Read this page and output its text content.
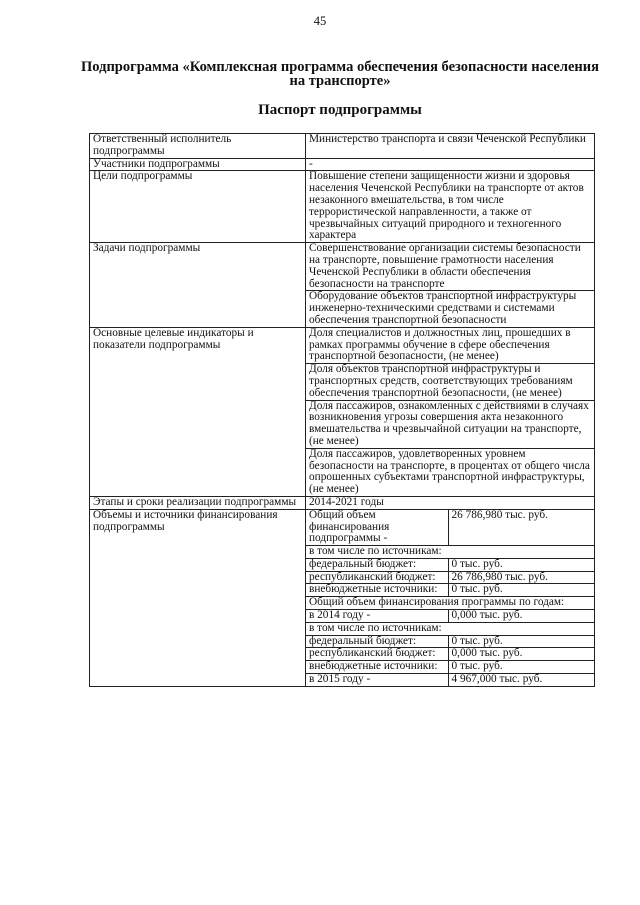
45
Подпрограмма «Комплексная программа обеспечения безопасности населения на транспорте»
Паспорт подпрограммы
Ответственный исполнитель подпрограммы	Министерство транспорта и связи Чеченской Республики
Участники подпрограммы	-
Цели подпрограммы	Повышение степени защищенности жизни и здоровья населения Чеченской Республики на транспорте от актов незаконного вмешательства, в том числе террористической направленности, а также от чрезвычайных ситуаций природного и техногенного характера
Задачи подпрограммы	Совершенствование организации системы безопасности на транспорте, повышение грамотности населения Чеченской Республики в области обеспечения безопасности на транспорте
Оборудование объектов транспортной инфраструктуры инженерно-техническими средствами и системами обеспечения транспортной безопасности
Основные целевые индикаторы и показатели подпрограммы	Доля специалистов и должностных лиц, прошедших в рамках программы обучение в сфере обеспечения транспортной безопасности, (не менее)
Доля объектов транспортной инфраструктуры и транспортных средств, соответствующих требованиям обеспечения транспортной безопасности, (не менее)
Доля пассажиров, ознакомленных с действиями в случаях возникновения угрозы совершения акта незаконного вмешательства и чрезвычайной ситуации на транспорте, (не менее)
Доля пассажиров, удовлетворенных уровнем безопасности на транспорте, в процентах от общего числа опрошенных субъектами транспортной инфраструктуры, (не менее)
Этапы и сроки реализации подпрограммы	2014-2021 годы
Объемы и источники финансирования подпрограммы	
Общий объем финансирования подпрограммы -	26 786,980 тыс. руб.
в том числе по источникам:
федеральный бюджет:	0 тыс. руб.
республиканский бюджет:	26 786,980 тыс. руб.
внебюджетные источники:	0 тыс. руб.
Общий объем финансирования программы по годам:
в 2014 году -	0,000 тыс. руб.
в том числе по источникам:
федеральный бюджет:	0 тыс. руб.
республиканский бюджет:	0,000 тыс. руб.
внебюджетные источники:	0 тыс. руб.
в 2015 году -	4 967,000 тыс. руб.
